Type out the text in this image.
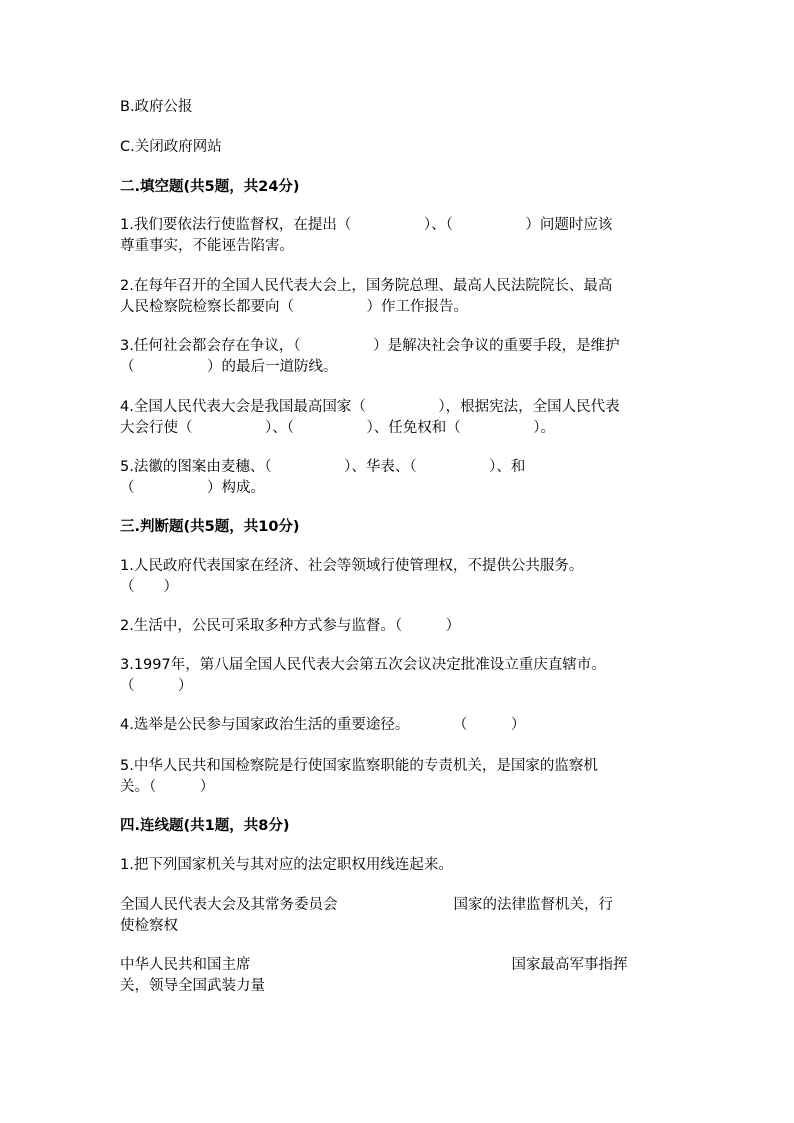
B.政府公报
C.关闭政府网站
二.填空题(共5题，共24分)
1.我们要依法行使监督权，在提出（　　　　　）、（　　　　　）问题时应该
尊重事实，不能诬告陷害。
2.在每年召开的全国人民代表大会上，国务院总理、最高人民法院院长、最高
人民检察院检察长都要向（　　　　　）作工作报告。
3.任何社会都会存在争议，（　　　　　）是解决社会争议的重要手段，是维护
（　　　　　）的最后一道防线。
4.全国人民代表大会是我国最高国家（　　　　　），根据宪法，全国人民代表
大会行使（　　　　　）、（　　　　　）、任免权和（　　　　　）。
5.法徽的图案由麦穗、（　　　　　）、华表、（　　　　　）、和
（　　　　　）构成。
三.判断题(共5题，共10分)
1.人民政府代表国家在经济、社会等领域行使管理权，不提供公共服务。
（　　）
2.生活中，公民可采取多种方式参与监督。（　　　）
3.1997年，第八届全国人民代表大会第五次会议决定批准设立重庆直辖市。
（　　　）
4.选举是公民参与国家政治生活的重要途径。　　　　（　　　）
5.中华人民共和国检察院是行使国家监察职能的专责机关，是国家的监察机
关。（　　　）
四.连线题(共1题，共8分)
1.把下列国家机关与其对应的法定职权用线连起来。
全国人民代表大会及其常务委员会　　　　　　　　国家的法律监督机关，行
使检察权
中华人民共和国主席　　　　　　　　　　　　　　　　　　国家最高军事指挥
关，领导全国武装力量
